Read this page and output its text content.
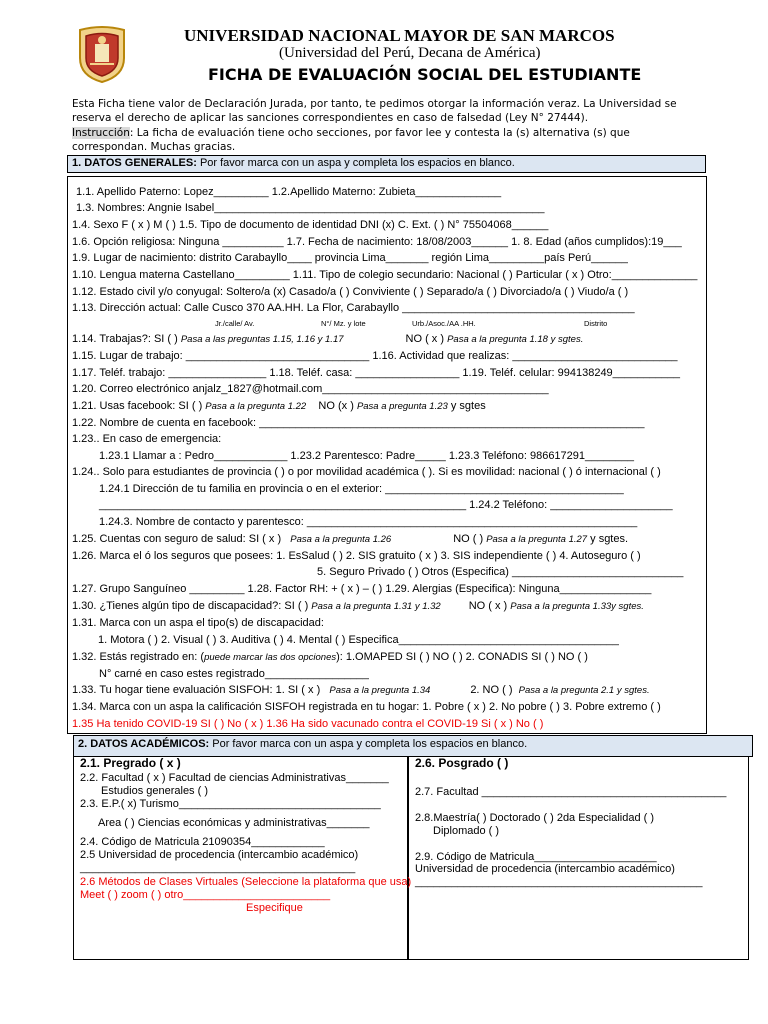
UNIVERSIDAD NACIONAL MAYOR DE SAN MARCOS
(Universidad del Perú, Decana de América)
FICHA DE EVALUACIÓN SOCIAL DEL ESTUDIANTE
Esta Ficha tiene valor de Declaración Jurada, por tanto, te pedimos otorgar la información veraz. La Universidad se
reserva el derecho de aplicar las sanciones correspondientes en caso de falsedad (Ley N° 27444).
Instrucción: La ficha de evaluación tiene ocho secciones, por favor lee y contesta la (s) alternativa (s) que
correspondan. Muchas gracias.
1. DATOS GENERALES: Por favor marca con un aspa y completa los espacios en blanco.
1.1. Apellido Paterno: Lopez_________ 1.2.Apellido Materno: Zubieta______________
1.3. Nombres: Angnie Isabel______________________________________________________
1.4. Sexo F ( x ) M ( ) 1.5. Tipo de documento de identidad DNI (x) C. Ext. ( ) N° 75504068______
1.6. Opción religiosa: Ninguna __________ 1.7. Fecha de nacimiento: 18/08/2003______ 1. 8. Edad (años cumplidos):19___
1.9. Lugar de nacimiento: distrito Carabayllo____ provincia Lima_______ región Lima_________país Perú______
1.10. Lengua materna Castellano_________ 1.11. Tipo de colegio secundario: Nacional ( ) Particular ( x ) Otro:______________
1.12. Estado civil y/o conyugal: Soltero/a (x) Casado/a ( ) Conviviente ( ) Separado/a ( ) Divorciado/a ( ) Viudo/a ( )
1.13. Dirección actual: Calle Cusco 370 AA.HH. La Flor, Carabayllo ______________________________________
Jr./calle/ Av.	N°/ Mz. y lote	Urb./Asoc./AA .HH.	Distrito
1.14. Trabajas?: SI ( ) Pasa a las preguntas 1.15, 1.16 y 1.17	NO ( x ) Pasa a la pregunta 1.18 y sgtes.
1.15. Lugar de trabajo: ______________________________ 1.16. Actividad que realizas: ___________________________
1.17. Teléf. trabajo: ________________ 1.18. Teléf. casa: _________________ 1.19. Teléf. celular: 994138249___________
1.20. Correo electrónico anjalz_1827@hotmail.com_____________________________________
1.21. Usas facebook: SI ( ) Pasa a la pregunta 1.22 NO (x ) Pasa a pregunta 1.23 y sgtes
1.22. Nombre de cuenta en facebook: _______________________________________________________________
1.23.. En caso de emergencia:
1.23.1 Llamar a : Pedro____________ 1.23.2 Parentesco: Padre_____ 1.23.3 Teléfono: 986617291________
1.24.. Solo para estudiantes de provincia ( ) o por movilidad académica ( ). Si es movilidad: nacional ( ) ó internacional ( )
1.24.1 Dirección de tu familia en provincia o en el exterior: _______________________________________
____________________________________________________________ 1.24.2 Teléfono: ____________________
1.24.3. Nombre de contacto y parentesco: ______________________________________________________
1.25. Cuentas con seguro de salud: SI ( x ) Pasa a la pregunta 1.26	NO ( ) Pasa a la pregunta 1.27 y sgtes.
1.26. Marca el ó los seguros que posees: 1. EsSalud ( ) 2. SIS gratuito ( x ) 3. SIS independiente ( ) 4. Autoseguro ( )
5. Seguro Privado ( ) Otros (Especifica) ____________________________
1.27. Grupo Sanguíneo _________ 1.28. Factor RH: + ( x ) – ( ) 1.29. Alergias (Especifica): Ninguna_______________
1.30. ¿Tienes algún tipo de discapacidad?: SI ( ) Pasa a la pregunta 1.31 y 1.32	NO ( x ) Pasa a la pregunta 1.33y sgtes.
1.31. Marca con un aspa el tipo(s) de discapacidad:
1. Motora ( ) 2. Visual ( ) 3. Auditiva ( ) 4. Mental ( ) Especifica____________________________________
1.32. Estás registrado en: (puede marcar las dos opciones): 1.OMAPED SI ( ) NO ( ) 2. CONADIS SI ( ) NO ( )
N° carné en caso estes registrado_________________
1.33. Tu hogar tiene evaluación SISFOH: 1. SI ( x ) Pasa a la pregunta 1.34	2. NO ( ) Pasa a la pregunta 2.1 y sgtes.
1.34. Marca con un aspa la calificación SISFOH registrada en tu hogar: 1. Pobre ( x ) 2. No pobre ( ) 3. Pobre extremo ( )
1.35 Ha tenido COVID-19 SI ( ) No ( x ) 1.36 Ha sido vacunado contra el COVID-19 Si ( x ) No ( )
2. DATOS ACADÉMICOS: Por favor marca con un aspa y completa los espacios en blanco.
2.1. Pregrado ( x )
2.2. Facultad ( x ) Facultad de ciencias Administrativas_______
Estudios generales ( )
2.3. E.P.( x) Turismo_________________________________
Area ( ) Ciencias económicas y administrativas_______
2.4. Código de Matricula 21090354____________
2.5 Universidad de procedencia (intercambio académico)
_____________________________________________
2.6 Métodos de Clases Virtuales (Seleccione la plataforma que usa)
Meet ( ) zoom ( ) otro________________________
Especifique
2.6. Posgrado ( )
2.7. Facultad ________________________________________
2.8.Maestría( ) Doctorado ( ) 2da Especialidad ( )
Diplomado ( )
2.9. Código de Matricula____________________
Universidad de procedencia (intercambio académico)
_______________________________________________
